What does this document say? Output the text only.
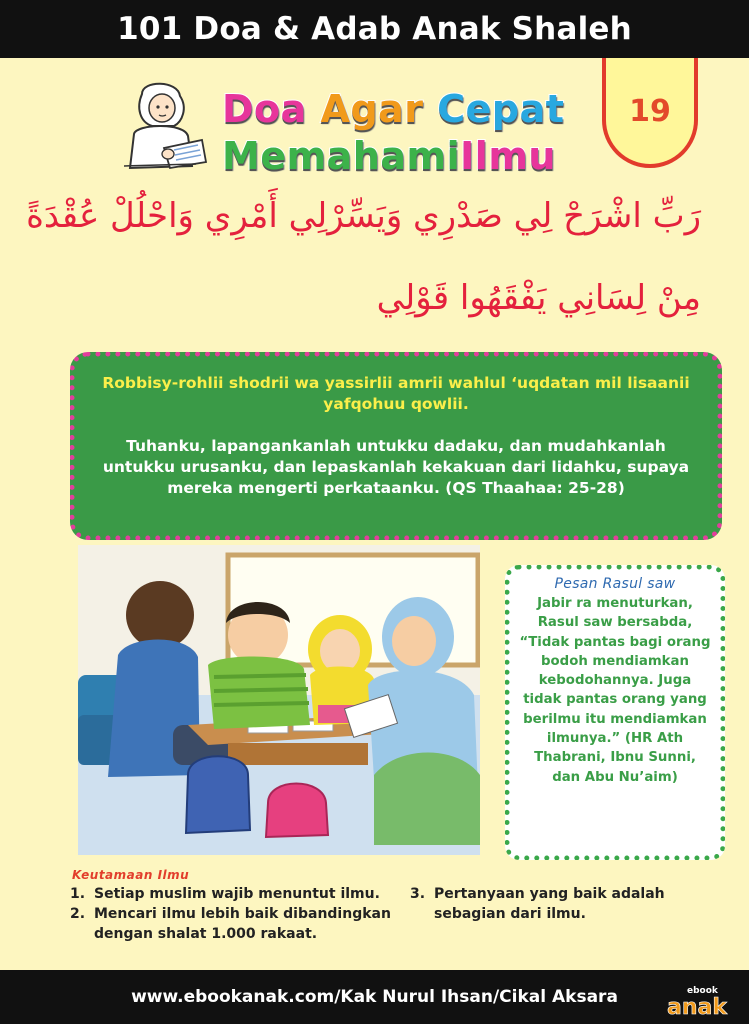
101 Doa & Adab Anak Shaleh
19
Doa Agar Cepat
MemahamiIlmu
رَبِّ اشْرَحْ لِي صَدْرِي وَيَسِّرْلِي أَمْرِي وَاحْلُلْ عُقْدَةً
مِنْ لِسَانِي يَفْقَهُوا قَوْلِي

Robbisy-rohlii shodrii wa yassirlii amrii wahlul ‘uqdatan mil lisaanii yafqohuu qowlii.

Tuhanku, lapangankanlah untukku dadaku, dan mudahkanlah untukku urusanku, dan lepaskanlah kekakuan dari lidahku, supaya mereka mengerti perkataanku. (QS Thaahaa: 25-28)

Pesan Rasul saw

Jabir ra menuturkan, Rasul saw bersabda, “Tidak pantas bagi orang bodoh mendiamkan kebodohannya. Juga tidak pantas orang yang berilmu itu mendiamkan ilmunya.” (HR Ath Thabrani, Ibnu Sunni, dan Abu Nu’aim)

Keutamaan Ilmu
1. Setiap muslim wajib menuntut ilmu.
2. Mencari ilmu lebih baik dibandingkan dengan shalat 1.000 rakaat.
3. Pertanyaan yang baik adalah sebagian dari ilmu.
www.ebookanak.com/Kak Nurul Ihsan/Cikal Aksara	ebook
anak
